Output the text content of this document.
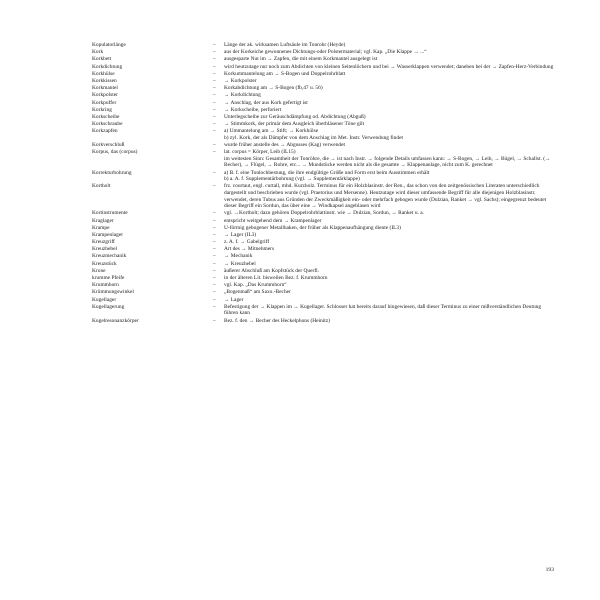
Kopulatorlänge	–	Länge der ak. wirksamen Luftsäule im Tonrohr (Heyde)
Kork	–	aus der Korkeiche gewonnenes Dichtungs-oder Polstermaterial; vgl. Kap. „Die Klappe → ...“
Korkbett	–	ausgesparte Nut im → Zapfen, die mit einem Korkmantel ausgelegt ist
Korkdichtung	–	wird heutzutage nur noch zum Abdichten von kleinen Seitenlöchern und bei → Wasserklappen verwendet; daneben bei der → Zapfen-Herz-Verbindung
Korkhülse	–	Korkummantelung am → S-Bogen und Doppelrohrblatt
Korkkissen	–	→ Korkpolster
Korkmantel	–	Korkabdichtung am → S-Bogen (fb,47 u. 56)
Korkpolster	–	→ Korkdichtung
Korkpuffer	–	→ Anschlag, der aus Kork gefertigt ist
Korkring	–	→ Korkscheibe, perforiert
Korkscheibe	–	Unterlegscheibe zur Geräuschdämpfung od. Abdichtung (Abguß)
Korkschraube	–	→ Stimmkork, der primär dem Ausgleich überbläsener Töne gilt
Korkzapfen	–	a) Ummantelung am → Stift; → Korkhülse
b) zyl. Kork, der als Dämpfer von dem Anschlag im Met. Instr. Verwendung findet
Korkverschluß	–	wurde früher anstelle des → Abgusses (Kag) verwendet
Korpus, das (corpus)	–	lat. corpus = Körper, Leib (IL15)
im weitesten Sinn: Gesamtheit der Tonröhre, die → ist nach Instr. → folgende Details umfassen kann: → S-Bogen, → Leib, → Bügel, → Schallst. (→ Becher), → Flügel, → Rohre, etc... → Mundstücke werden nicht als die gesamte → Klappenanlage, nicht zum K. gerechnet
Korrekturbohrung	–	a) B. f. eine Tonlochbestung, die ihre endgültige Größe und Form erst beim Ausstimmen erhält
b) a. A. f. Supplementärbohrung (vgl. → Supplementärklappe)
Kortholt	–	frz. courtaut, engl. curtall, mhd. Kurzholz. Terminus für ein Holzblasinstr. der Ren., das schon von den zeitgenössischen Literaten unterschiedlich dargestellt und beschrieben wurde (vgl. Praetorius und Mersenne). Heutzutage wird dieser umfassende Begriff für alle diejenigen Holzblasinstr. verwendet, deren Tubus aus Gründen der Zweckmäßigkeit ein- oder mehrfach gebogen wurde (Dulzian, Ranket → vgl. Sachs); eingegrenzt bedeutet dieser Begriff ein Sordun, das über eine → Windkapsel angeblasen wird
Kortinstrumente	–	vgl. →Kortholt; dazu gehören Doppelrohrblattinstr. wie → Dulzian, Sordun, → Ranket u. a.
Kraglager	–	entspricht weitgehend dem → Krampenlager
Krampe	–	U-förmig gebogener Metallhaken, der früher als Klappenaufhängung diente (IL3)
Krampenlager	–	→ Lager (IL3)
Kreuzgriff	–	z. A. f. → Gabelgriff
Kreuzhebel	–	Art des → Mitnehmers
Kreuzmechanik	–	→ Mechanik
Kreuzstück	–	→ Kreuzhebel
Krone	–	äußerer Abschluß am Kopfstück der Querfl.
krumme Pfeife	–	in der älteren Lit. bisweilen Bez. f. Krummhorn
Krummhorn	–	vgl. Kap. „Das Krummhorn“
Krümmungswinkel	–	„Bogenmaß“ am Saxo.-Becher
Kugellager	–	→ Lager
Kugellagerung	–	Befestigung der → Klappen im → Kugellager. Schlosser hat bereits darauf hingewiesen, daß dieser Terminus zu einer mißverständlichen Deutung führen kann
Kugelresonanzkörper	–	Bez. f. den → Becher des Heckelphons (Heinitz)
193
